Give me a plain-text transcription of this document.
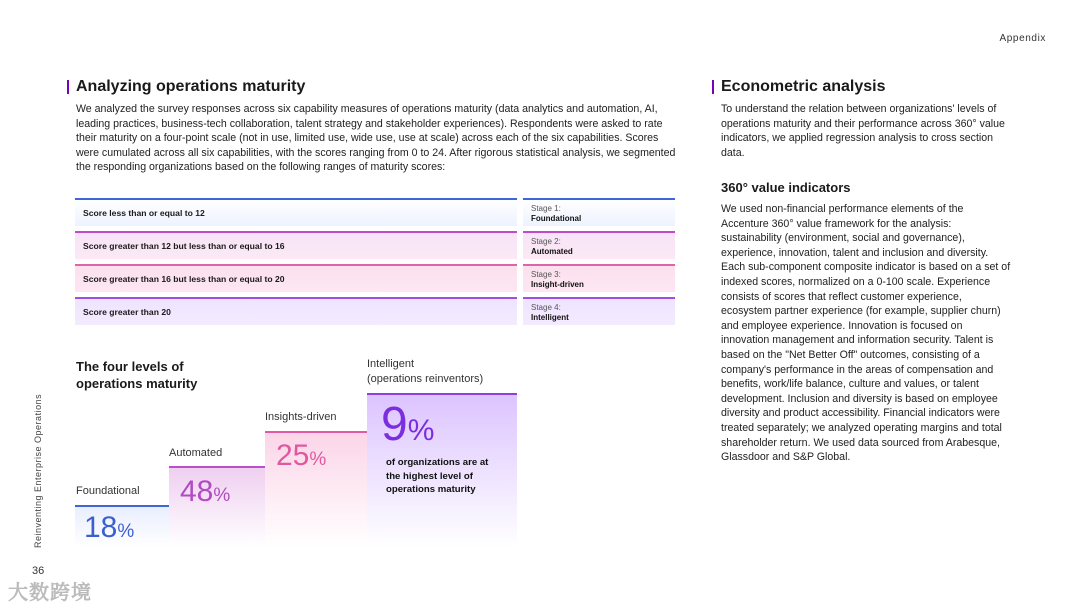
Appendix
Reinventing Enterprise Operations
36
大数跨境
Analyzing operations maturity
We analyzed the survey responses across six capability measures of operations maturity (data analytics and automation, AI, leading practices, business-tech collaboration, talent strategy and stakeholder experiences). Respondents were asked to rate their maturity on a four-point scale (not in use, limited use, wide use, use at scale) across each of the six capabilities. Scores were cumulated across all six capabilities, with the scores ranging from 0 to 24. After rigorous statistical analysis, we segmented the responding organizations based on the following ranges of maturity scores:
Score less than or equal to 12	Stage 1:
Foundational
Score greater than 12 but less than or equal to 16	Stage 2:
Automated
Score greater than 16 but less than or equal to 20	Stage 3:
Insight-driven
Score greater than 20	Stage 4:
Intelligent
The four levels of
operations maturity
Foundational
Automated
Insights-driven
Intelligent
(operations reinventors)
18%
48%
25%
9%
of organizations are at the highest level of operations maturity
Econometric analysis
To understand the relation between organizations' levels of operations maturity and their performance across 360° value indicators, we applied regression analysis to cross section data.
360° value indicators
We used non-financial performance elements of the Accenture 360° value framework for the analysis: sustainability (environment, social and governance), experience, innovation, talent and inclusion and diversity. Each sub-component composite indicator is based on a set of indexed scores, normalized on a 0-100 scale. Experience consists of scores that reflect customer experience, ecosystem partner experience (for example, supplier churn) and employee experience. Innovation is focused on innovation management and information security. Talent is based on the "Net Better Off" outcomes, consisting of a company's performance in the areas of compensation and benefits, work/life balance, culture and values, or talent development. Inclusion and diversity is based on employee diversity and product accessibility. Financial indicators were treated separately; we analyzed operating margins and total shareholder return. We used data sourced from Arabesque, Glassdoor and S&P Global.
